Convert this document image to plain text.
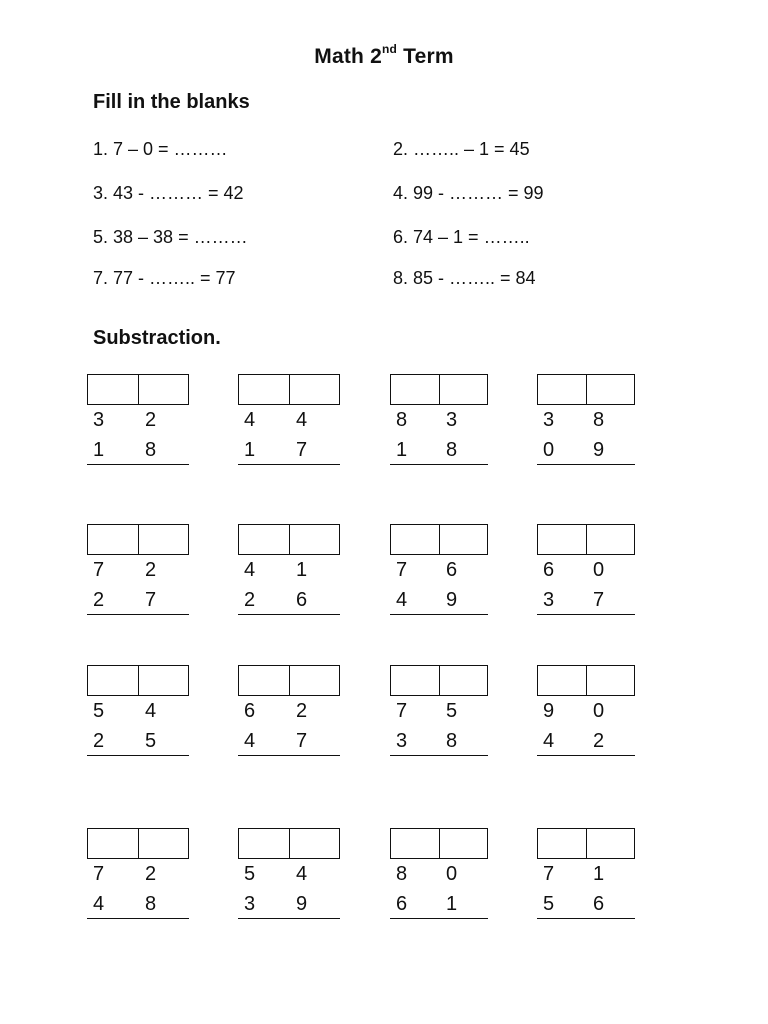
Math 2nd Term
Fill in the blanks
1. 7 – 0 = ………	2. …….. – 1 = 45
3. 43 - ……… = 42	4. 99 - ……… = 99
5. 38 – 38 = ………	6. 74 – 1 = ……..
7. 77 - …….. = 77	8. 85 - …….. = 84
Substraction.
3	2
1	8
4	4
1	7
8	3
1	8
3	8
0	9
7	2
2	7
4	1
2	6
7	6
4	9
6	0
3	7
5	4
2	5
6	2
4	7
7	5
3	8
9	0
4	2
7	2
4	8
5	4
3	9
8	0
6	1
7	1
5	6
